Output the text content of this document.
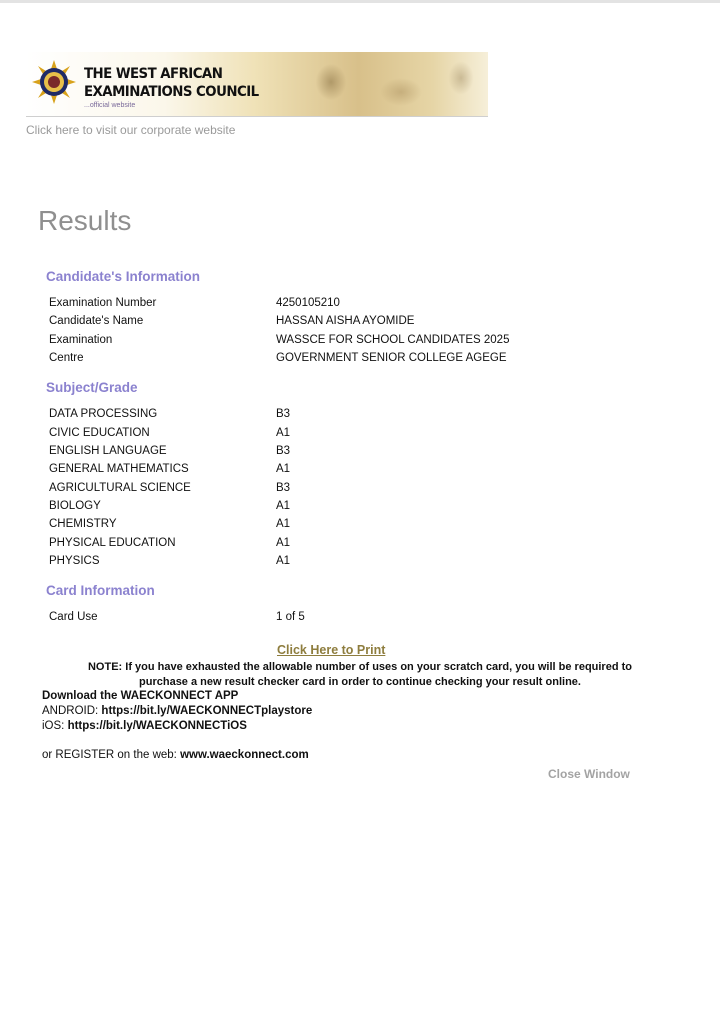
THE WEST AFRICAN
EXAMINATIONS COUNCIL
...official website
Click here to visit our corporate website
Results
Candidate's Information
Examination Number	4250105210
Candidate's Name	HASSAN AISHA AYOMIDE
Examination	WASSCE FOR SCHOOL CANDIDATES 2025
Centre	GOVERNMENT SENIOR COLLEGE AGEGE
Subject/Grade
DATA PROCESSING	B3
CIVIC EDUCATION	A1
ENGLISH LANGUAGE	B3
GENERAL MATHEMATICS	A1
AGRICULTURAL SCIENCE	B3
BIOLOGY	A1
CHEMISTRY	A1
PHYSICAL EDUCATION	A1
PHYSICS	A1
Card Information
Card Use	1 of 5
Click Here to Print
NOTE: If you have exhausted the allowable number of uses on your scratch card, you will be required to
purchase a new result checker card in order to continue checking your result online.
Download the WAECKONNECT APP
ANDROID: https://bit.ly/WAECKONNECTplaystore
iOS: https://bit.ly/WAECKONNECTiOS
or REGISTER on the web: www.waeckonnect.com
Close Window
